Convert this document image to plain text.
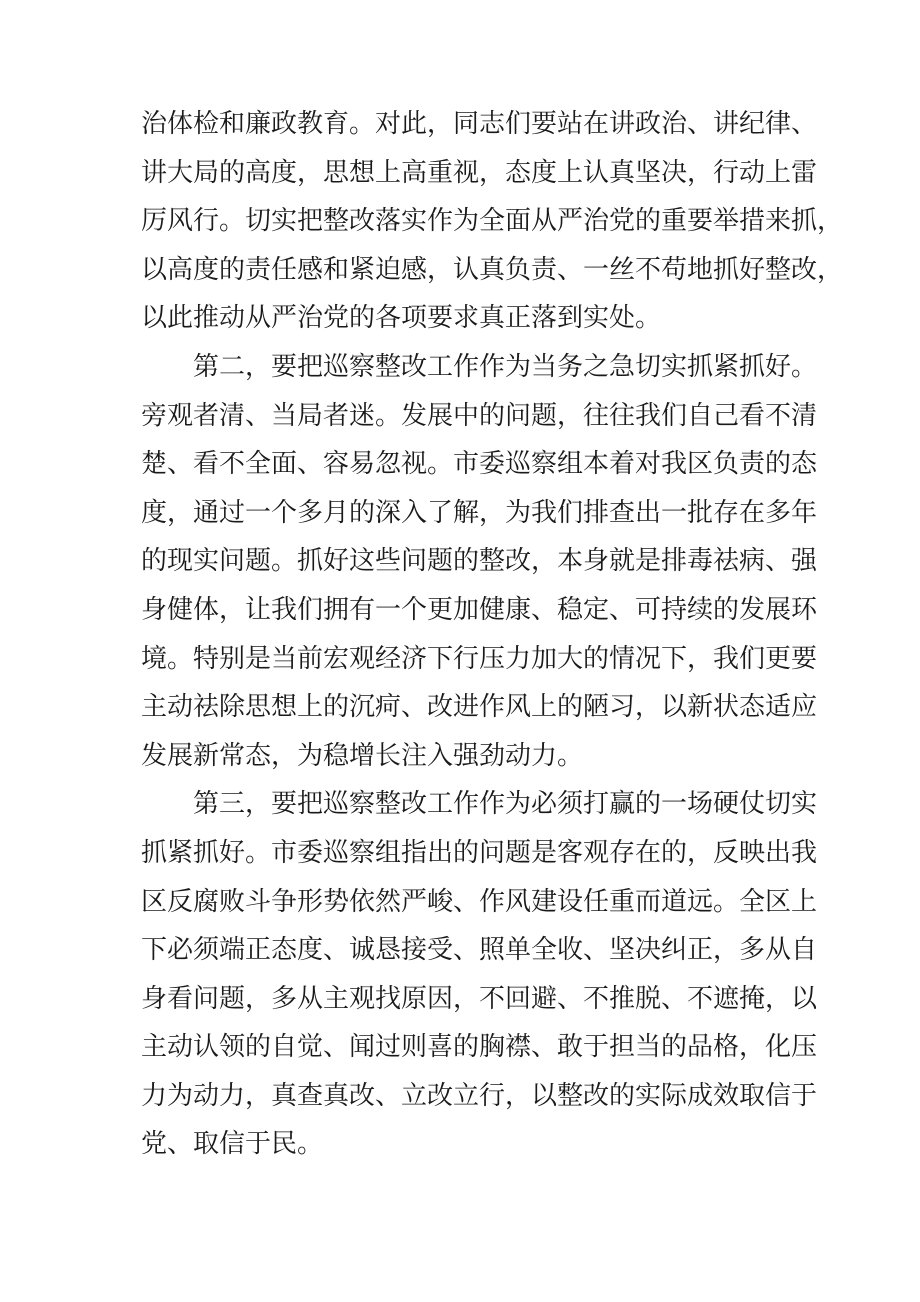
治体检和廉政教育。对此，同志们要站在讲政治、讲纪律、
讲大局的高度，思想上高重视，态度上认真坚决，行动上雷
厉风行。切实把整改落实作为全面从严治党的重要举措来抓，
以高度的责任感和紧迫感，认真负责、一丝不苟地抓好整改，
以此推动从严治党的各项要求真正落到实处。
　　第二，要把巡察整改工作作为当务之急切实抓紧抓好。
旁观者清、当局者迷。发展中的问题，往往我们自己看不清
楚、看不全面、容易忽视。市委巡察组本着对我区负责的态
度，通过一个多月的深入了解，为我们排查出一批存在多年
的现实问题。抓好这些问题的整改，本身就是排毒祛病、强
身健体，让我们拥有一个更加健康、稳定、可持续的发展环
境。特别是当前宏观经济下行压力加大的情况下，我们更要
主动祛除思想上的沉疴、改进作风上的陋习，以新状态适应
发展新常态，为稳增长注入强劲动力。
　　第三，要把巡察整改工作作为必须打赢的一场硬仗切实
抓紧抓好。市委巡察组指出的问题是客观存在的，反映出我
区反腐败斗争形势依然严峻、作风建设任重而道远。全区上
下必须端正态度、诚恳接受、照单全收、坚决纠正，多从自
身看问题，多从主观找原因，不回避、不推脱、不遮掩，以
主动认领的自觉、闻过则喜的胸襟、敢于担当的品格，化压
力为动力，真查真改、立改立行，以整改的实际成效取信于
党、取信于民。
